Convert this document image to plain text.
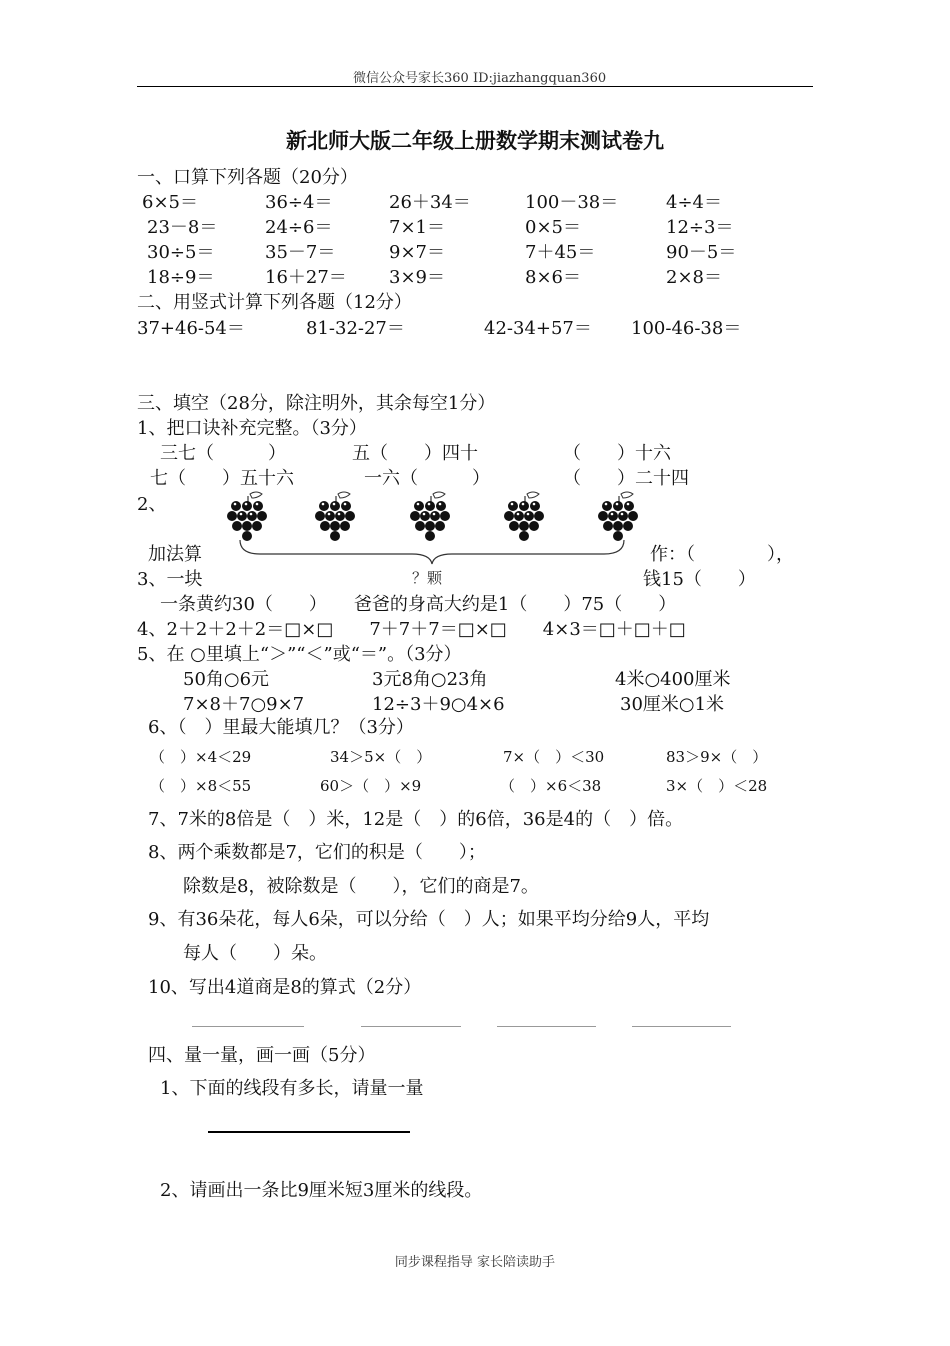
微信公众号家长360 ID:jiazhangquan360
新北师大版二年级上册数学期末测试卷九
一、口算下列各题（20分）
6×5＝	36÷4＝	26＋34＝	100－38＝	4÷4＝
23－8＝	24÷6＝	7×1＝	0×5＝	12÷3＝
30÷5＝	35－7＝	9×7＝	7＋45＝	90－5＝
18÷9＝	16＋27＝ 3×9＝	8×6＝	2×8＝
二、用竖式计算下列各题（12分）
37+46-54＝	81-32-27＝	42-34+57＝ 100-46-38＝
三、填空（28分，除注明外，其余每空1分）
1、把口诀补充完整。（3分）
三七（　　　）	五（　　）四十	（　　）十六
七（　　）五十六	一六（　　　）	（　　）二十四
2、
？颗
加法算	作：（　　　　），
3、一块	钱15（　　）
一条黄约30（　　）　　爸爸的身高大约是1（　　）75（　　）
4、2＋2＋2＋2＝□×□　　7＋7＋7＝□×□　　4×3＝□＋□＋□
5、在 ○里填上“＞”“＜”或“＝”。（3分）
50角○6元	3元8角○23角	4米○400厘米
7×8＋7○9×7	12÷3＋9○4×6	30厘米○1米
6、（　）里最大能填几？（3分）
（　）×4＜29	34＞5×（　）	7×（　）＜30	83＞9×（　）
（　）×8＜55	60＞（　）×9	（　）×6＜38	3×（　）＜28
7、7米的8倍是（　）米，12是（　）的6倍，36是4的（　）倍。
8、两个乘数都是7，它们的积是（　　）；
除数是8，被除数是（　　），它们的商是7。
9、有36朵花，每人6朵，可以分给（　）人；如果平均分给9人，平均
每人（　　）朵。
10、写出4道商是8的算式（2分）
四、量一量，画一画（5分）
1、下面的线段有多长，请量一量
2、请画出一条比9厘米短3厘米的线段。
同步课程指导 家长陪读助手
